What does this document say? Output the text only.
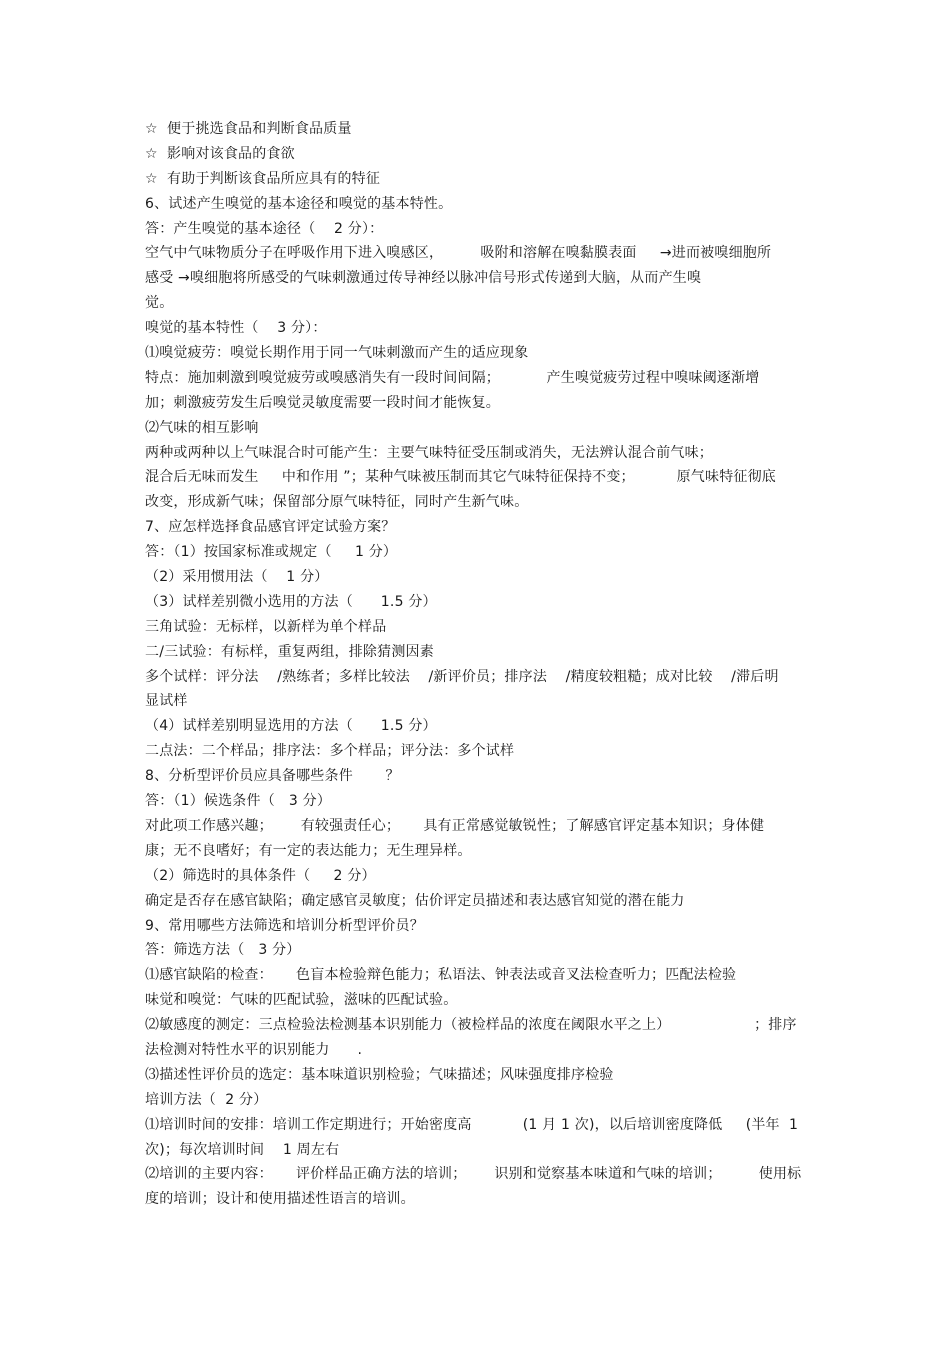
☆  便于挑选食品和判断食品质量
☆  影响对该食品的食欲
☆  有助于判断该食品所应具有的特征
6、试述产生嗅觉的基本途径和嗅觉的基本特性。
答：产生嗅觉的基本途径（    2 分）：
空气中气味物质分子在呼吸作用下进入嗅感区，        吸附和溶解在嗅黏膜表面     →进而被嗅细胞所
感受 →嗅细胞将所感受的气味刺激通过传导神经以脉冲信号形式传递到大脑，从而产生嗅
觉。
嗅觉的基本特性（    3 分）：
⑴嗅觉疲劳：嗅觉长期作用于同一气味刺激而产生的适应现象
特点：施加刺激到嗅觉疲劳或嗅感消失有一段时间间隔；          产生嗅觉疲劳过程中嗅味阈逐渐增
加；刺激疲劳发生后嗅觉灵敏度需要一段时间才能恢复。
⑵气味的相互影响
两种或两种以上气味混合时可能产生：主要气味特征受压制或消失，无法辨认混合前气味；
混合后无味而发生     中和作用 ”；某种气味被压制而其它气味特征保持不变；         原气味特征彻底
改变，形成新气味；保留部分原气味特征，同时产生新气味。
7、应怎样选择食品感官评定试验方案？
答：（1）按国家标准或规定（     1 分）
（2）采用惯用法（    1 分）
（3）试样差别微小选用的方法（      1.5 分）
三角试验：无标样，以新样为单个样品
二/三试验：有标样，重复两组，排除猜测因素
多个试样：评分法    /熟练者；多样比较法    /新评价员；排序法    /精度较粗糙；成对比较    /滞后明
显试样
（4）试样差别明显选用的方法（      1.5 分）
二点法：二个样品；排序法：多个样品；评分法：多个试样
8、分析型评价员应具备哪些条件       ？
答：（1）候选条件（   3 分）
对此项工作感兴趣；      有较强责任心；     具有正常感觉敏锐性；了解感官评定基本知识；身体健
康；无不良嗜好；有一定的表达能力；无生理异样。
（2）筛选时的具体条件（     2 分）
确定是否存在感官缺陷；确定感官灵敏度；估价评定员描述和表达感官知觉的潜在能力
9、常用哪些方法筛选和培训分析型评价员？
答：筛选方法（   3 分）
⑴感官缺陷的检查：     色盲本检验辩色能力；私语法、钟表法或音叉法检查听力；匹配法检验
味觉和嗅觉：气味的匹配试验，滋味的匹配试验。
⑵敏感度的测定：三点检验法检测基本识别能力（被检样品的浓度在阈限水平之上）                  ；排序
法检测对特性水平的识别能力      .
⑶描述性评价员的选定：基本味道识别检验；气味描述；风味强度排序检验
培训方法（  2 分）
⑴培训时间的安排：培训工作定期进行；开始密度高           (1 月 1 次)，以后培训密度降低     (半年  1
次)；每次培训时间    1 周左右
⑵培训的主要内容：     评价样品正确方法的培训；      识别和觉察基本味道和气味的培训；        使用标
度的培训；设计和使用描述性语言的培训。
